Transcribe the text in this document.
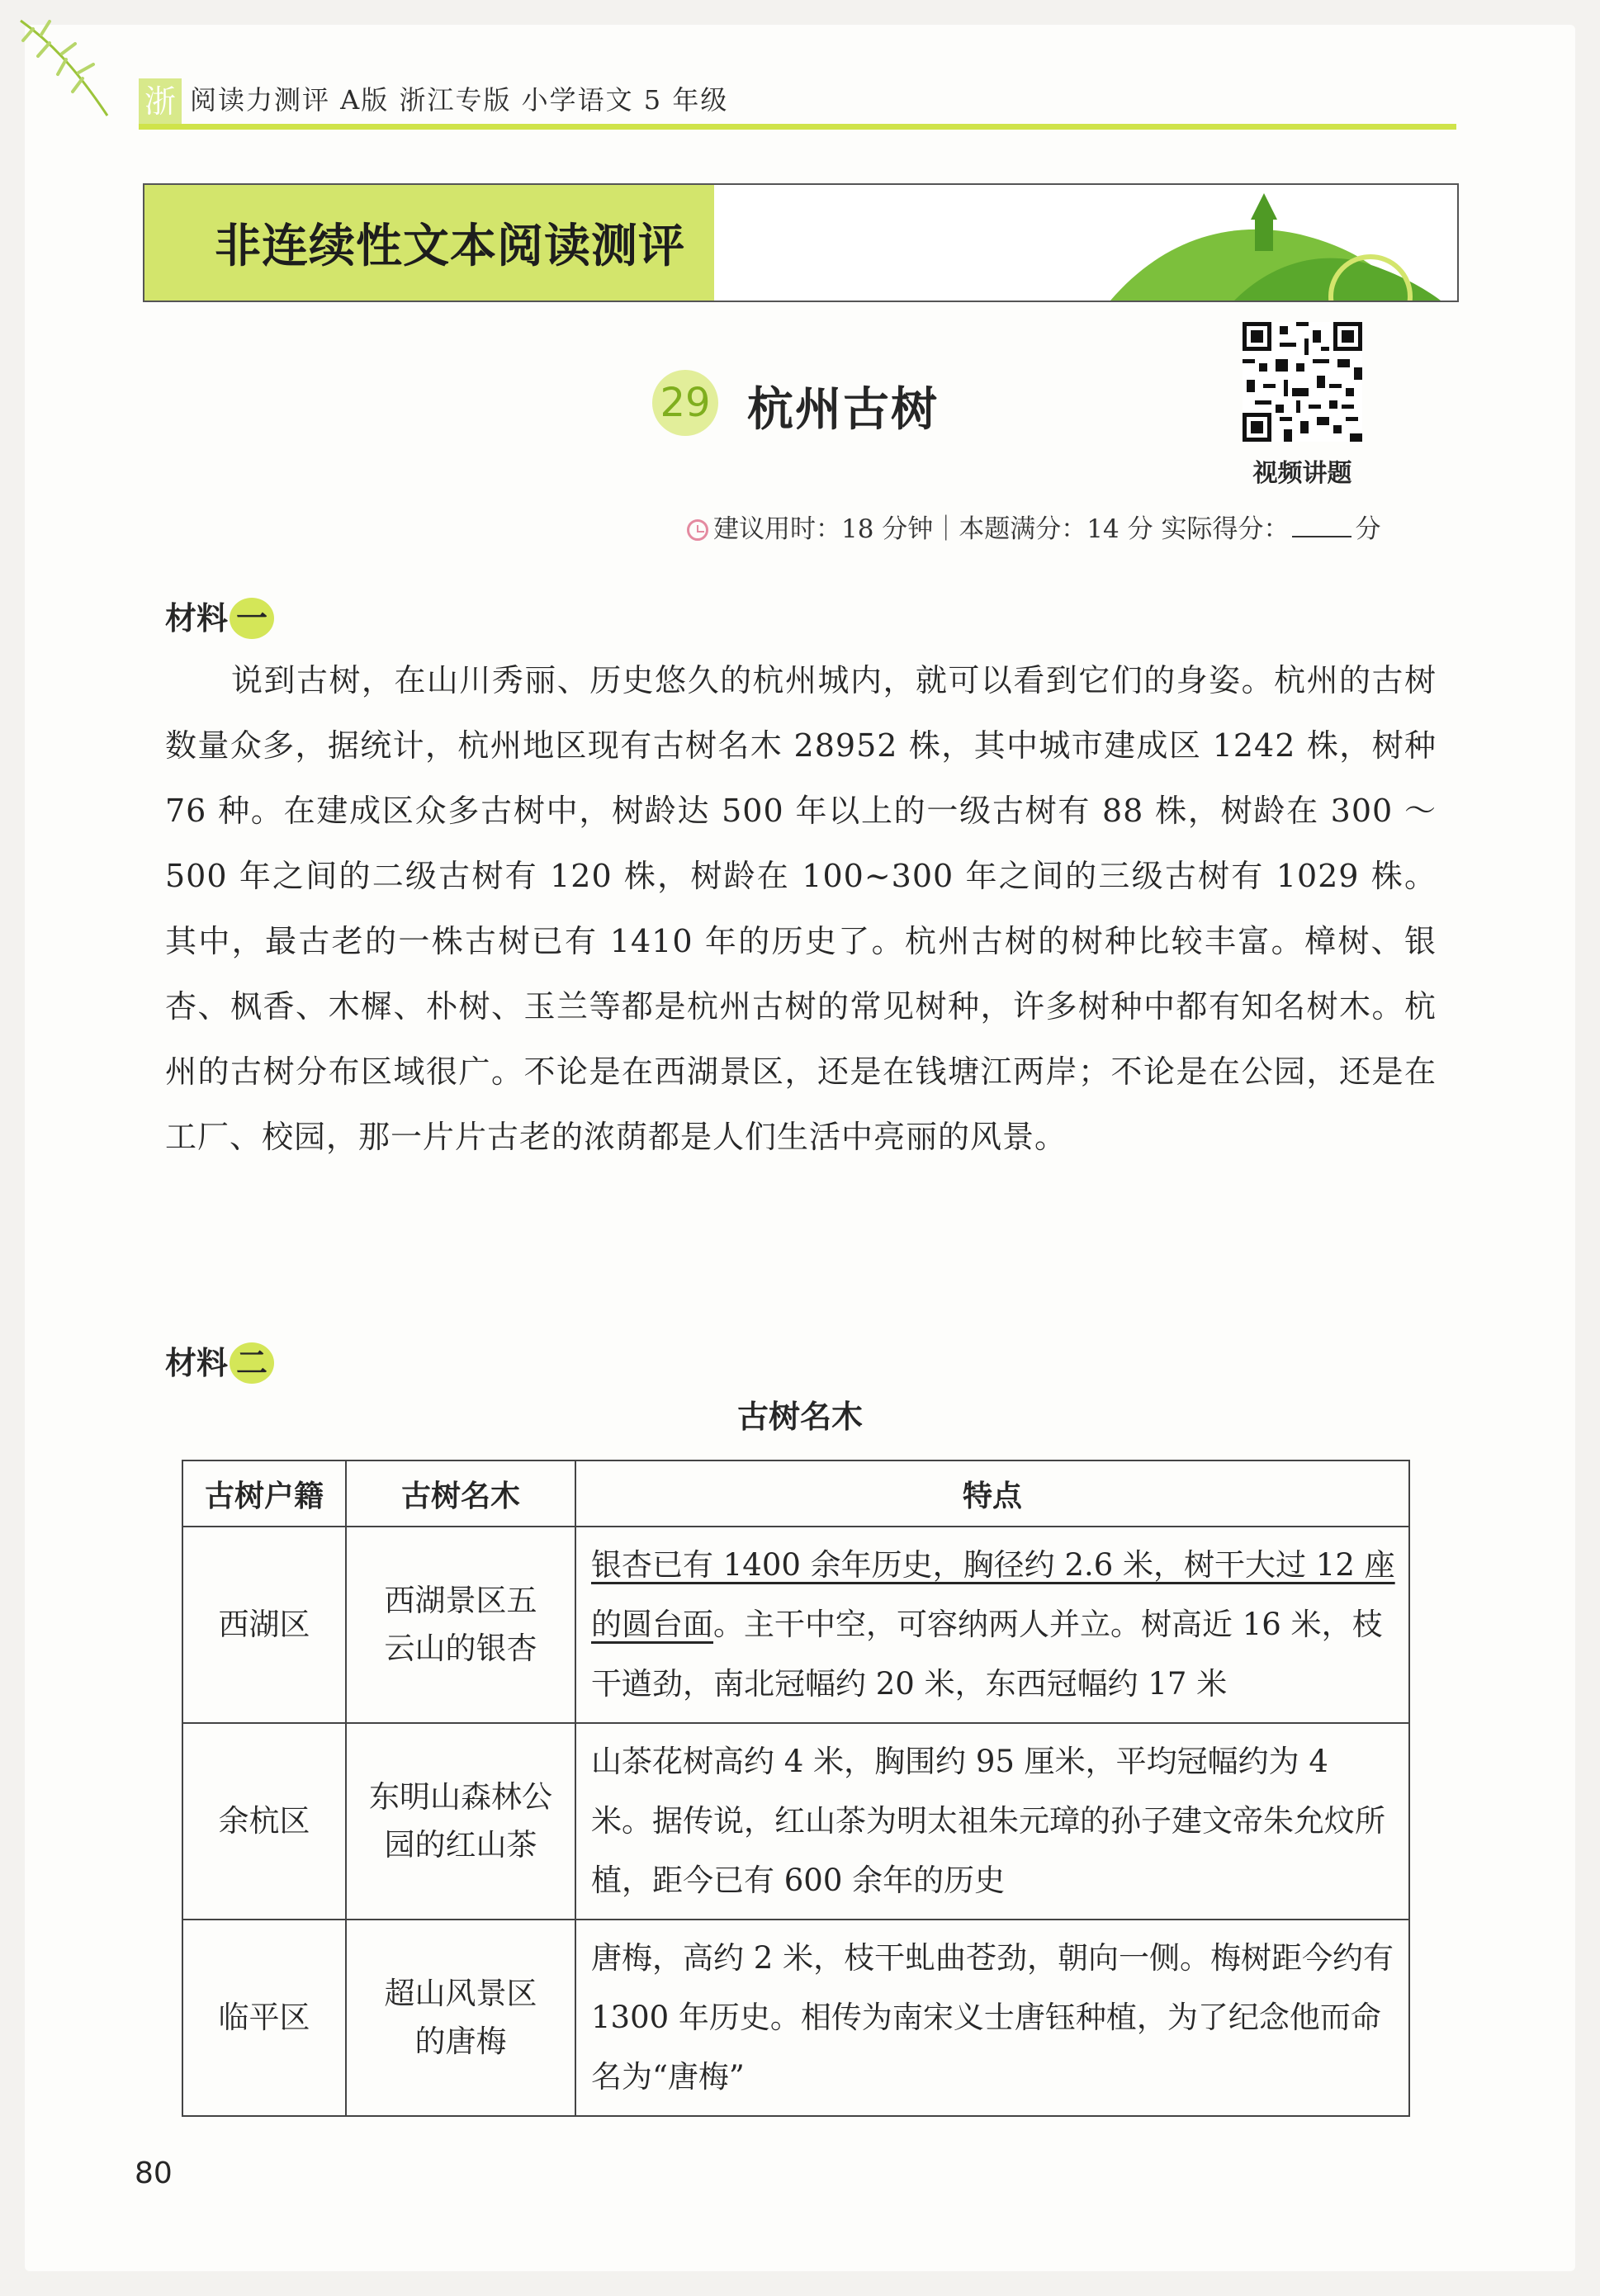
浙 阅读力测评 A版 浙江专版 小学语文 5 年级
非连续性文本阅读测评
视频讲题
29 杭州古树
建议用时：18 分钟｜本题满分：14 分 实际得分：	分
材料 一
说到古树，在山川秀丽、历史悠久的杭州城内，就可以看到它们的身姿。杭州的古树数量众多，据统计，杭州地区现有古树名木 28952 株，其中城市建成区 1242 株，树种 76 种。在建成区众多古树中，树龄达 500 年以上的一级古树有 88 株，树龄在 300 ～ 500 年之间的二级古树有 120 株，树龄在 100~300 年之间的三级古树有 1029 株。其中，最古老的一株古树已有 1410 年的历史了。杭州古树的树种比较丰富。樟树、银杏、枫香、木樨、朴树、玉兰等都是杭州古树的常见树种，许多树种中都有知名树木。杭州的古树分布区域很广。不论是在西湖景区，还是在钱塘江两岸；不论是在公园，还是在工厂、校园，那一片片古老的浓荫都是人们生活中亮丽的风景。
材料 二
古树名木
古树户籍	古树名木	特点
西湖区	西湖景区五云山的银杏	银杏已有 1400 余年历史，胸径约 2.6 米，树干大过 12 座的圆台面。主干中空，可容纳两人并立。树高近 16 米，枝干遒劲，南北冠幅约 20 米，东西冠幅约 17 米
余杭区	东明山森林公园的红山茶	山茶花树高约 4 米，胸围约 95 厘米，平均冠幅约为 4 米。据传说，红山茶为明太祖朱元璋的孙子建文帝朱允炆所植，距今已有 600 余年的历史
临平区	超山风景区的唐梅	唐梅，高约 2 米，枝干虬曲苍劲，朝向一侧。梅树距今约有 1300 年历史。相传为南宋义士唐钰种植，为了纪念他而命名为“唐梅”
80
